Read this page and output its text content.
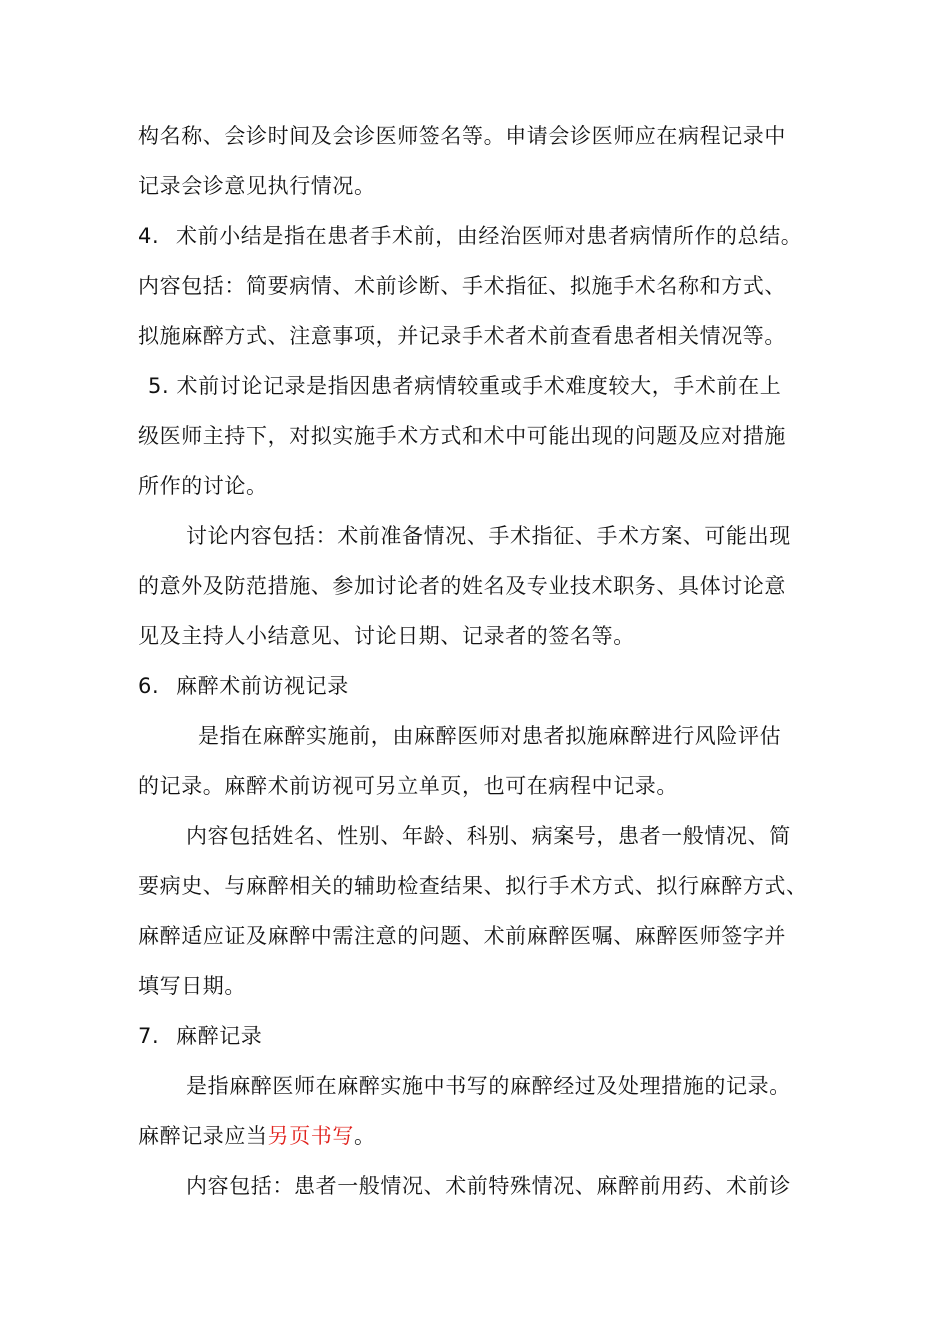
构名称、会诊时间及会诊医师签名等。申请会诊医师应在病程记录中
记录会诊意见执行情况。
4. 术前小结是指在患者手术前，由经治医师对患者病情所作的总结。
内容包括：简要病情、术前诊断、手术指征、拟施手术名称和方式、
拟施麻醉方式、注意事项，并记录手术者术前查看患者相关情况等。
5. 术前讨论记录是指因患者病情较重或手术难度较大，手术前在上
级医师主持下，对拟实施手术方式和术中可能出现的问题及应对措施
所作的讨论。
讨论内容包括：术前准备情况、手术指征、手术方案、可能出现
的意外及防范措施、参加讨论者的姓名及专业技术职务、具体讨论意
见及主持人小结意见、讨论日期、记录者的签名等。
6. 麻醉术前访视记录
是指在麻醉实施前，由麻醉医师对患者拟施麻醉进行风险评估
的记录。麻醉术前访视可另立单页，也可在病程中记录。
内容包括姓名、性别、年龄、科别、病案号，患者一般情况、简
要病史、与麻醉相关的辅助检查结果、拟行手术方式、拟行麻醉方式、
麻醉适应证及麻醉中需注意的问题、术前麻醉医嘱、麻醉医师签字并
填写日期。
7. 麻醉记录
是指麻醉医师在麻醉实施中书写的麻醉经过及处理措施的记录。
麻醉记录应当另页书写。
内容包括：患者一般情况、术前特殊情况、麻醉前用药、术前诊
